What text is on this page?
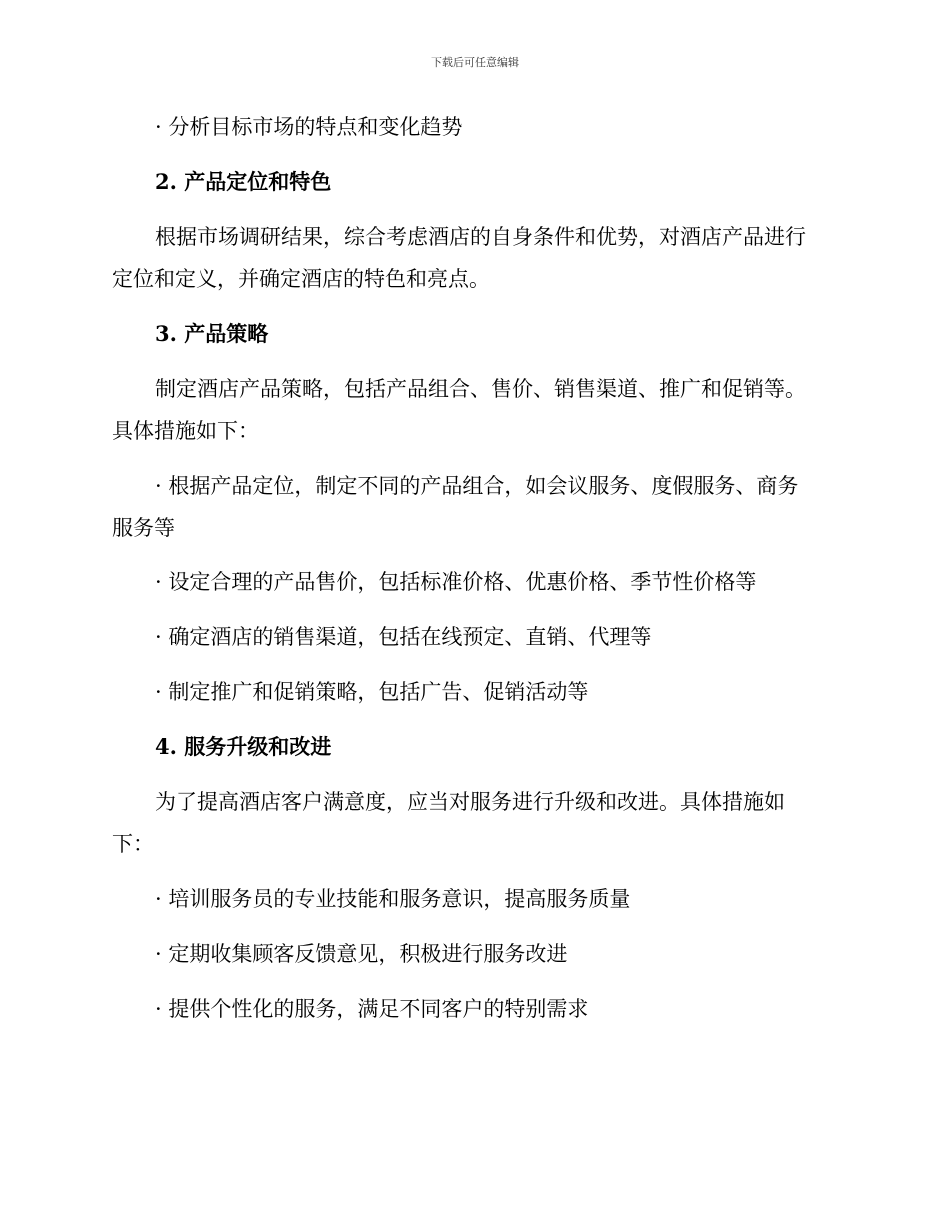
下载后可任意编辑
· 分析目标市场的特点和变化趋势
2. 产品定位和特色
根据市场调研结果，综合考虑酒店的自身条件和优势，对酒店产品进行
定位和定义，并确定酒店的特色和亮点。
3. 产品策略
制定酒店产品策略，包括产品组合、售价、销售渠道、推广和促销等。
具体措施如下：
· 根据产品定位，制定不同的产品组合，如会议服务、度假服务、商务
服务等
· 设定合理的产品售价，包括标准价格、优惠价格、季节性价格等
· 确定酒店的销售渠道，包括在线预定、直销、代理等
· 制定推广和促销策略，包括广告、促销活动等
4. 服务升级和改进
为了提高酒店客户满意度，应当对服务进行升级和改进。具体措施如
下：
· 培训服务员的专业技能和服务意识，提高服务质量
· 定期收集顾客反馈意见，积极进行服务改进
· 提供个性化的服务，满足不同客户的特别需求
